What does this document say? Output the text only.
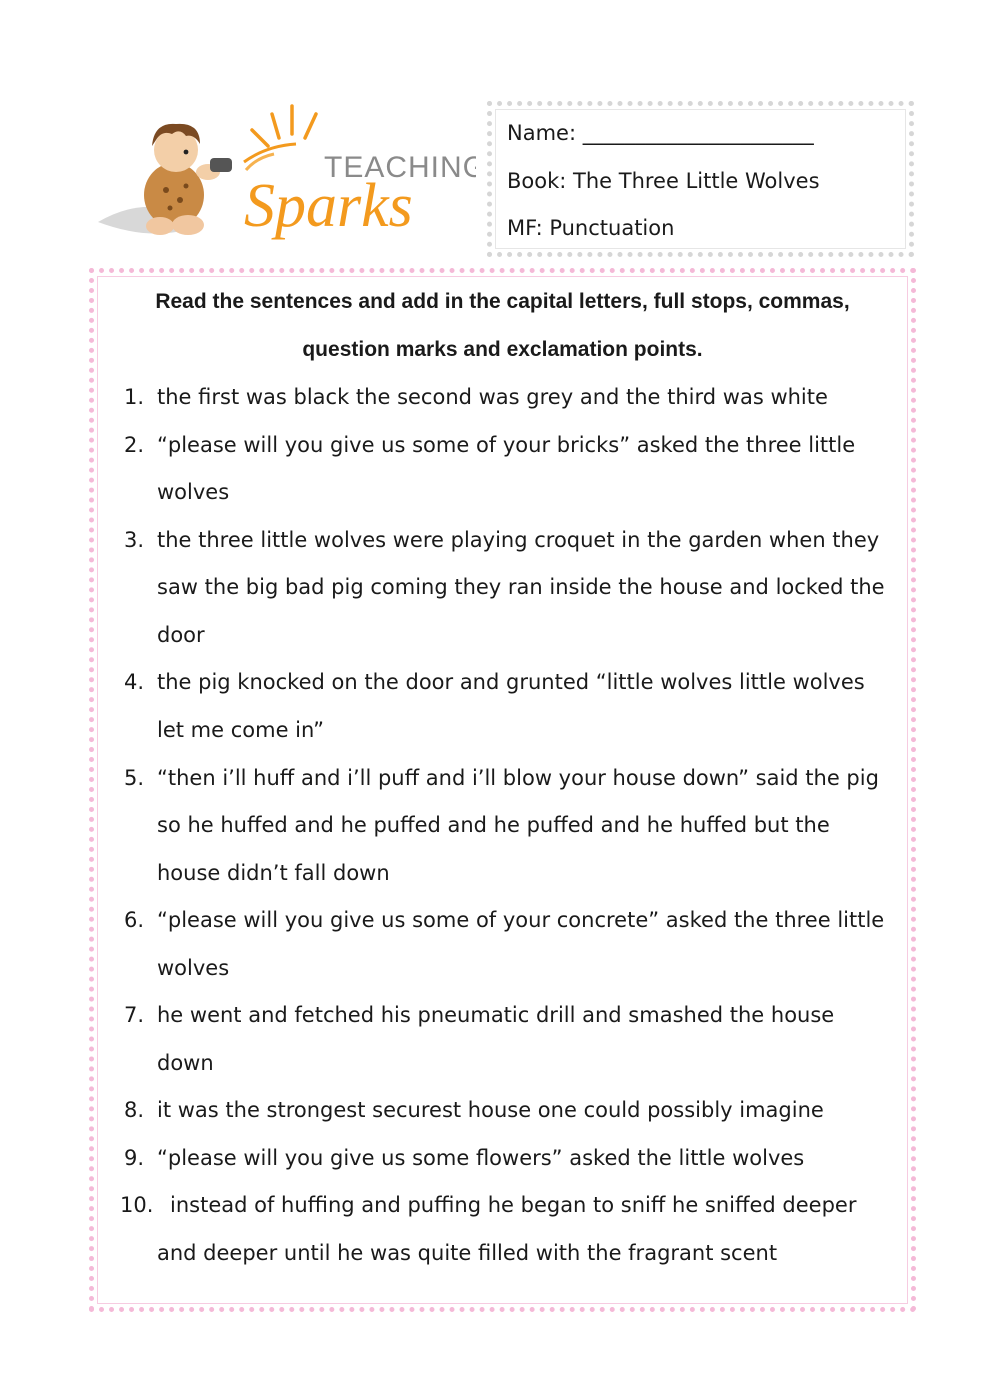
TEACHING
Sparks
Name: ______________________
Book: The Three Little Wolves
MF: Punctuation
Read the sentences and add in the capital letters, full stops, commas,
question marks and exclamation points.
1. the first was black the second was grey and the third was white
2. “please will you give us some of your bricks” asked the three little
wolves
3. the three little wolves were playing croquet in the garden when they
saw the big bad pig coming they ran inside the house and locked the
door
4. the pig knocked on the door and grunted “little wolves little wolves
let me come in”
5. “then i’ll huff and i’ll puff and i’ll blow your house down” said the pig
so he huffed and he puffed and he puffed and he huffed but the
house didn’t fall down
6. “please will you give us some of your concrete” asked the three little
wolves
7. he went and fetched his pneumatic drill and smashed the house
down
8. it was the strongest securest house one could possibly imagine
9. “please will you give us some flowers” asked the little wolves
10. instead of huffing and puffing he began to sniff he sniffed deeper
and deeper until he was quite filled with the fragrant scent
